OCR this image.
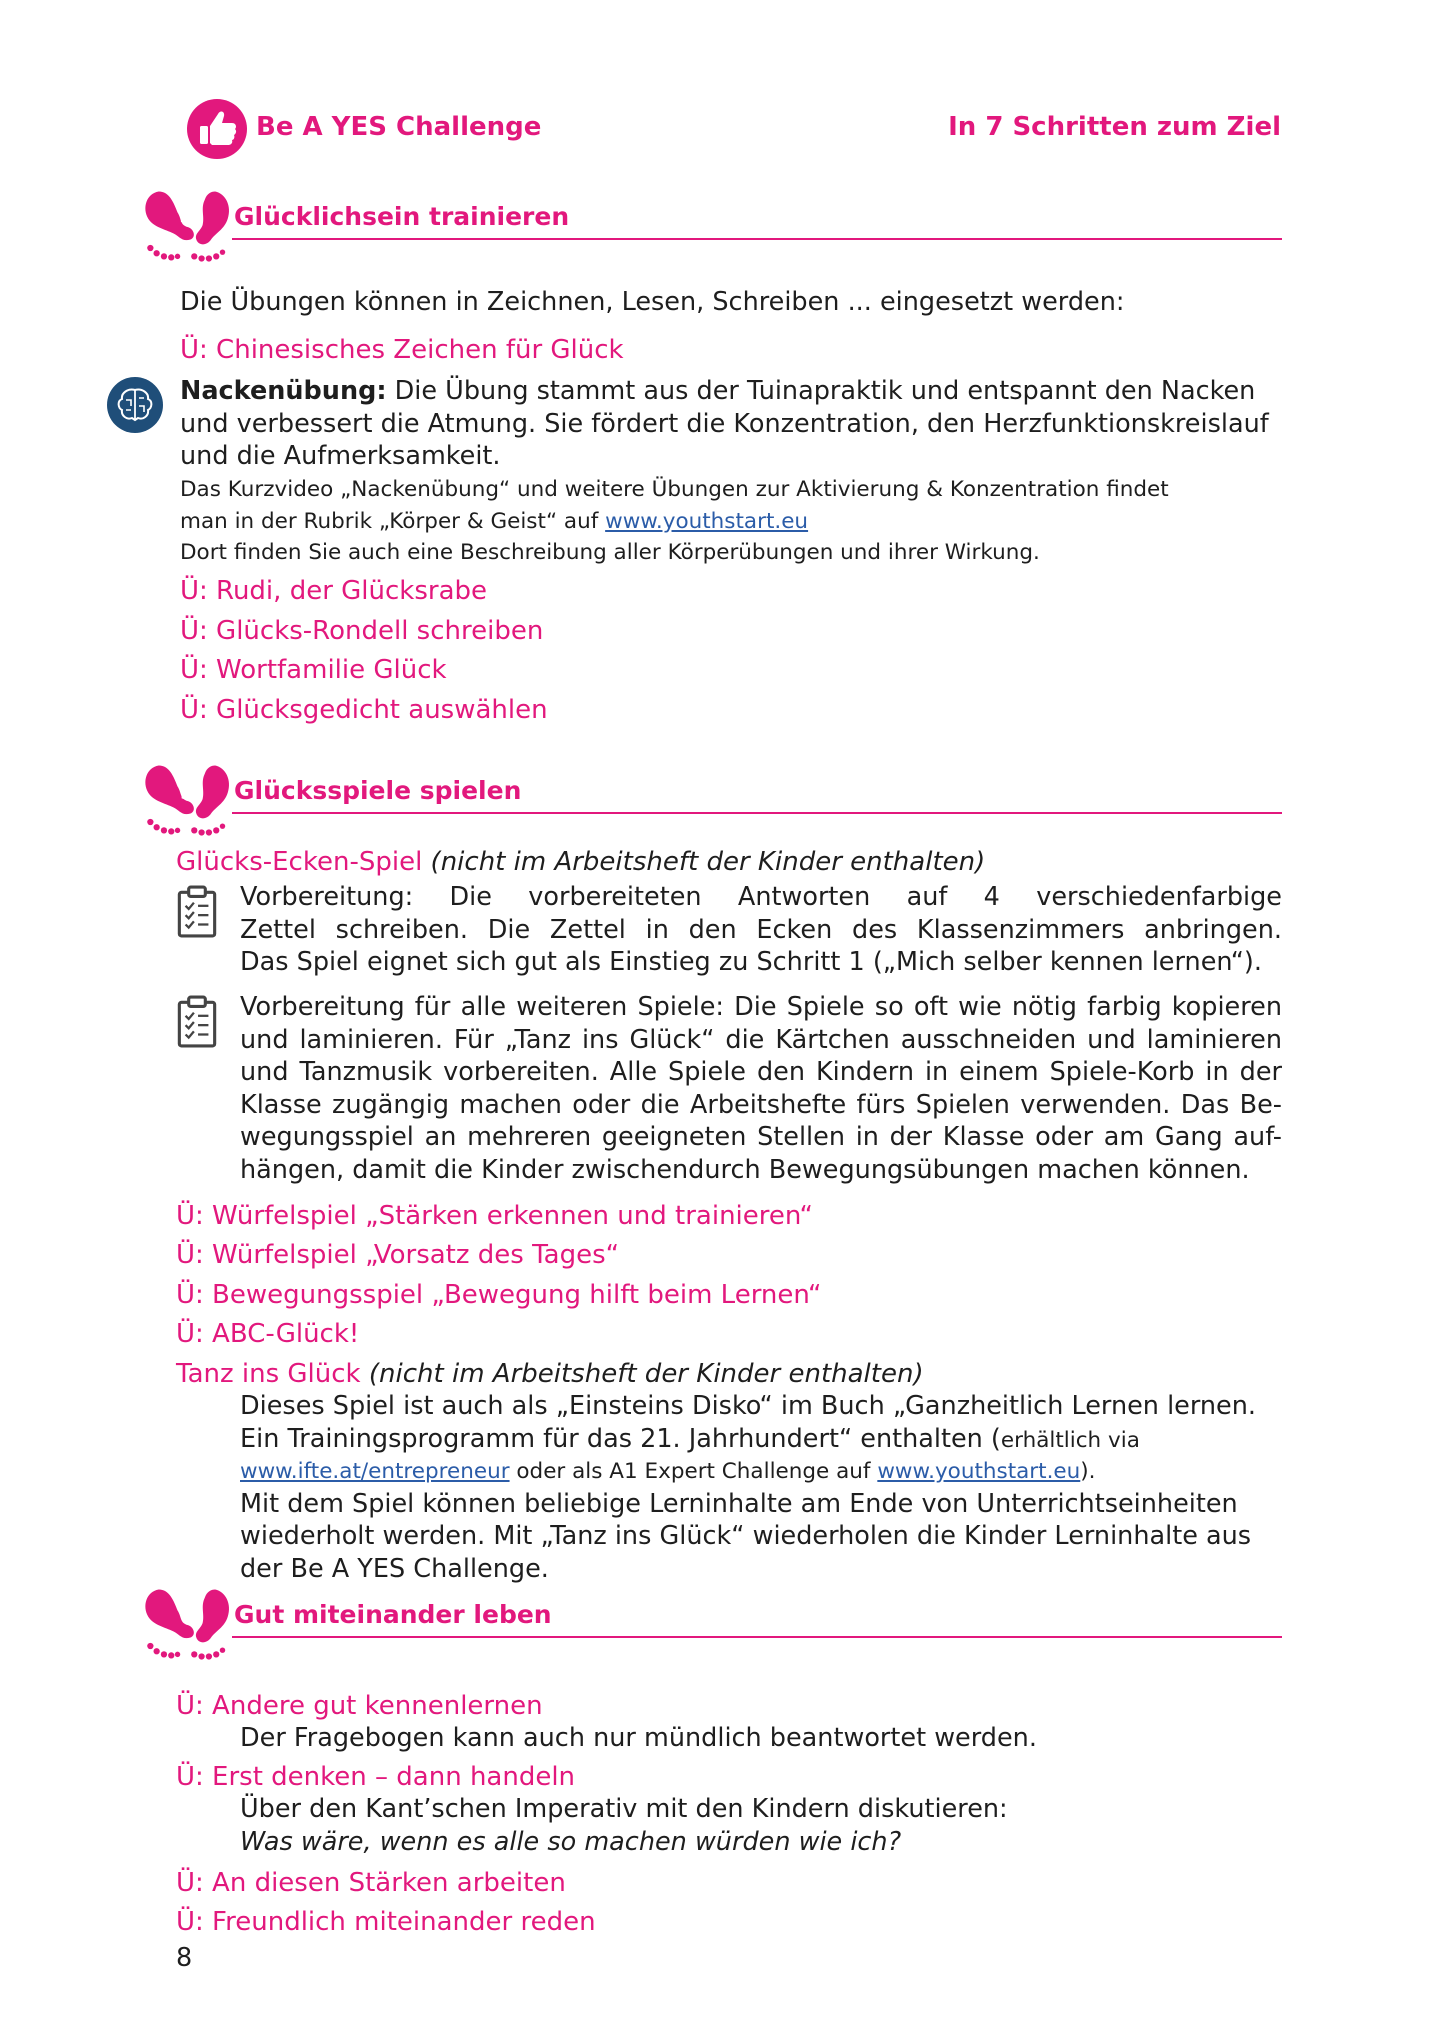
Be A YES Challenge	In 7 Schritten zum Ziel
4 Glücklichsein trainieren
Die Übungen können in Zeichnen, Lesen, Schreiben ... eingesetzt werden:
Ü: Chinesisches Zeichen für Glück
Nackenübung: Die Übung stammt aus der Tuinapraktik und entspannt den Nacken
und verbessert die Atmung. Sie fördert die Konzentration, den Herzfunktionskreislauf
und die Aufmerksamkeit.
Das Kurzvideo „Nackenübung“ und weitere Übungen zur Aktivierung & Konzentration findet
man in der Rubrik „Körper & Geist“ auf www.youthstart.eu
Dort finden Sie auch eine Beschreibung aller Körperübungen und ihrer Wirkung.
Ü: Rudi, der Glücksrabe
Ü: Glücks-Rondell schreiben
Ü: Wortfamilie Glück
Ü: Glücksgedicht auswählen
5 Glücksspiele spielen
Glücks-Ecken-Spiel (nicht im Arbeitsheft der Kinder enthalten)
Vorbereitung: Die vorbereiteten Antworten auf 4 verschiedenfarbige
Zettel schreiben. Die Zettel in den Ecken des Klassenzimmers anbringen.
Das Spiel eignet sich gut als Einstieg zu Schritt 1 („Mich selber kennen lernen“).
Vorbereitung für alle weiteren Spiele: Die Spiele so oft wie nötig farbig kopieren
und laminieren. Für „Tanz ins Glück“ die Kärtchen ausschneiden und laminieren
und Tanzmusik vorbereiten. Alle Spiele den Kindern in einem Spiele-Korb in der
Klasse zugängig machen oder die Arbeitshefte fürs Spielen verwenden. Das Be-
wegungsspiel an mehreren geeigneten Stellen in der Klasse oder am Gang auf-
hängen, damit die Kinder zwischendurch Bewegungsübungen machen können.
Ü: Würfelspiel „Stärken erkennen und trainieren“
Ü: Würfelspiel „Vorsatz des Tages“
Ü: Bewegungsspiel „Bewegung hilft beim Lernen“
Ü: ABC-Glück!
Tanz ins Glück (nicht im Arbeitsheft der Kinder enthalten)
Dieses Spiel ist auch als „Einsteins Disko“ im Buch „Ganzheitlich Lernen lernen.
Ein Trainingsprogramm für das 21. Jahrhundert“ enthalten (erhältlich via
www.ifte.at/entrepreneur oder als A1 Expert Challenge auf www.youthstart.eu).
Mit dem Spiel können beliebige Lerninhalte am Ende von Unterrichtseinheiten
wiederholt werden. Mit „Tanz ins Glück“ wiederholen die Kinder Lerninhalte aus
der Be A YES Challenge.
6 Gut miteinander leben
Ü: Andere gut kennenlernen
Der Fragebogen kann auch nur mündlich beantwortet werden.
Ü: Erst denken – dann handeln
Über den Kant’schen Imperativ mit den Kindern diskutieren:
Was wäre, wenn es alle so machen würden wie ich?
Ü: An diesen Stärken arbeiten
Ü: Freundlich miteinander reden
8
